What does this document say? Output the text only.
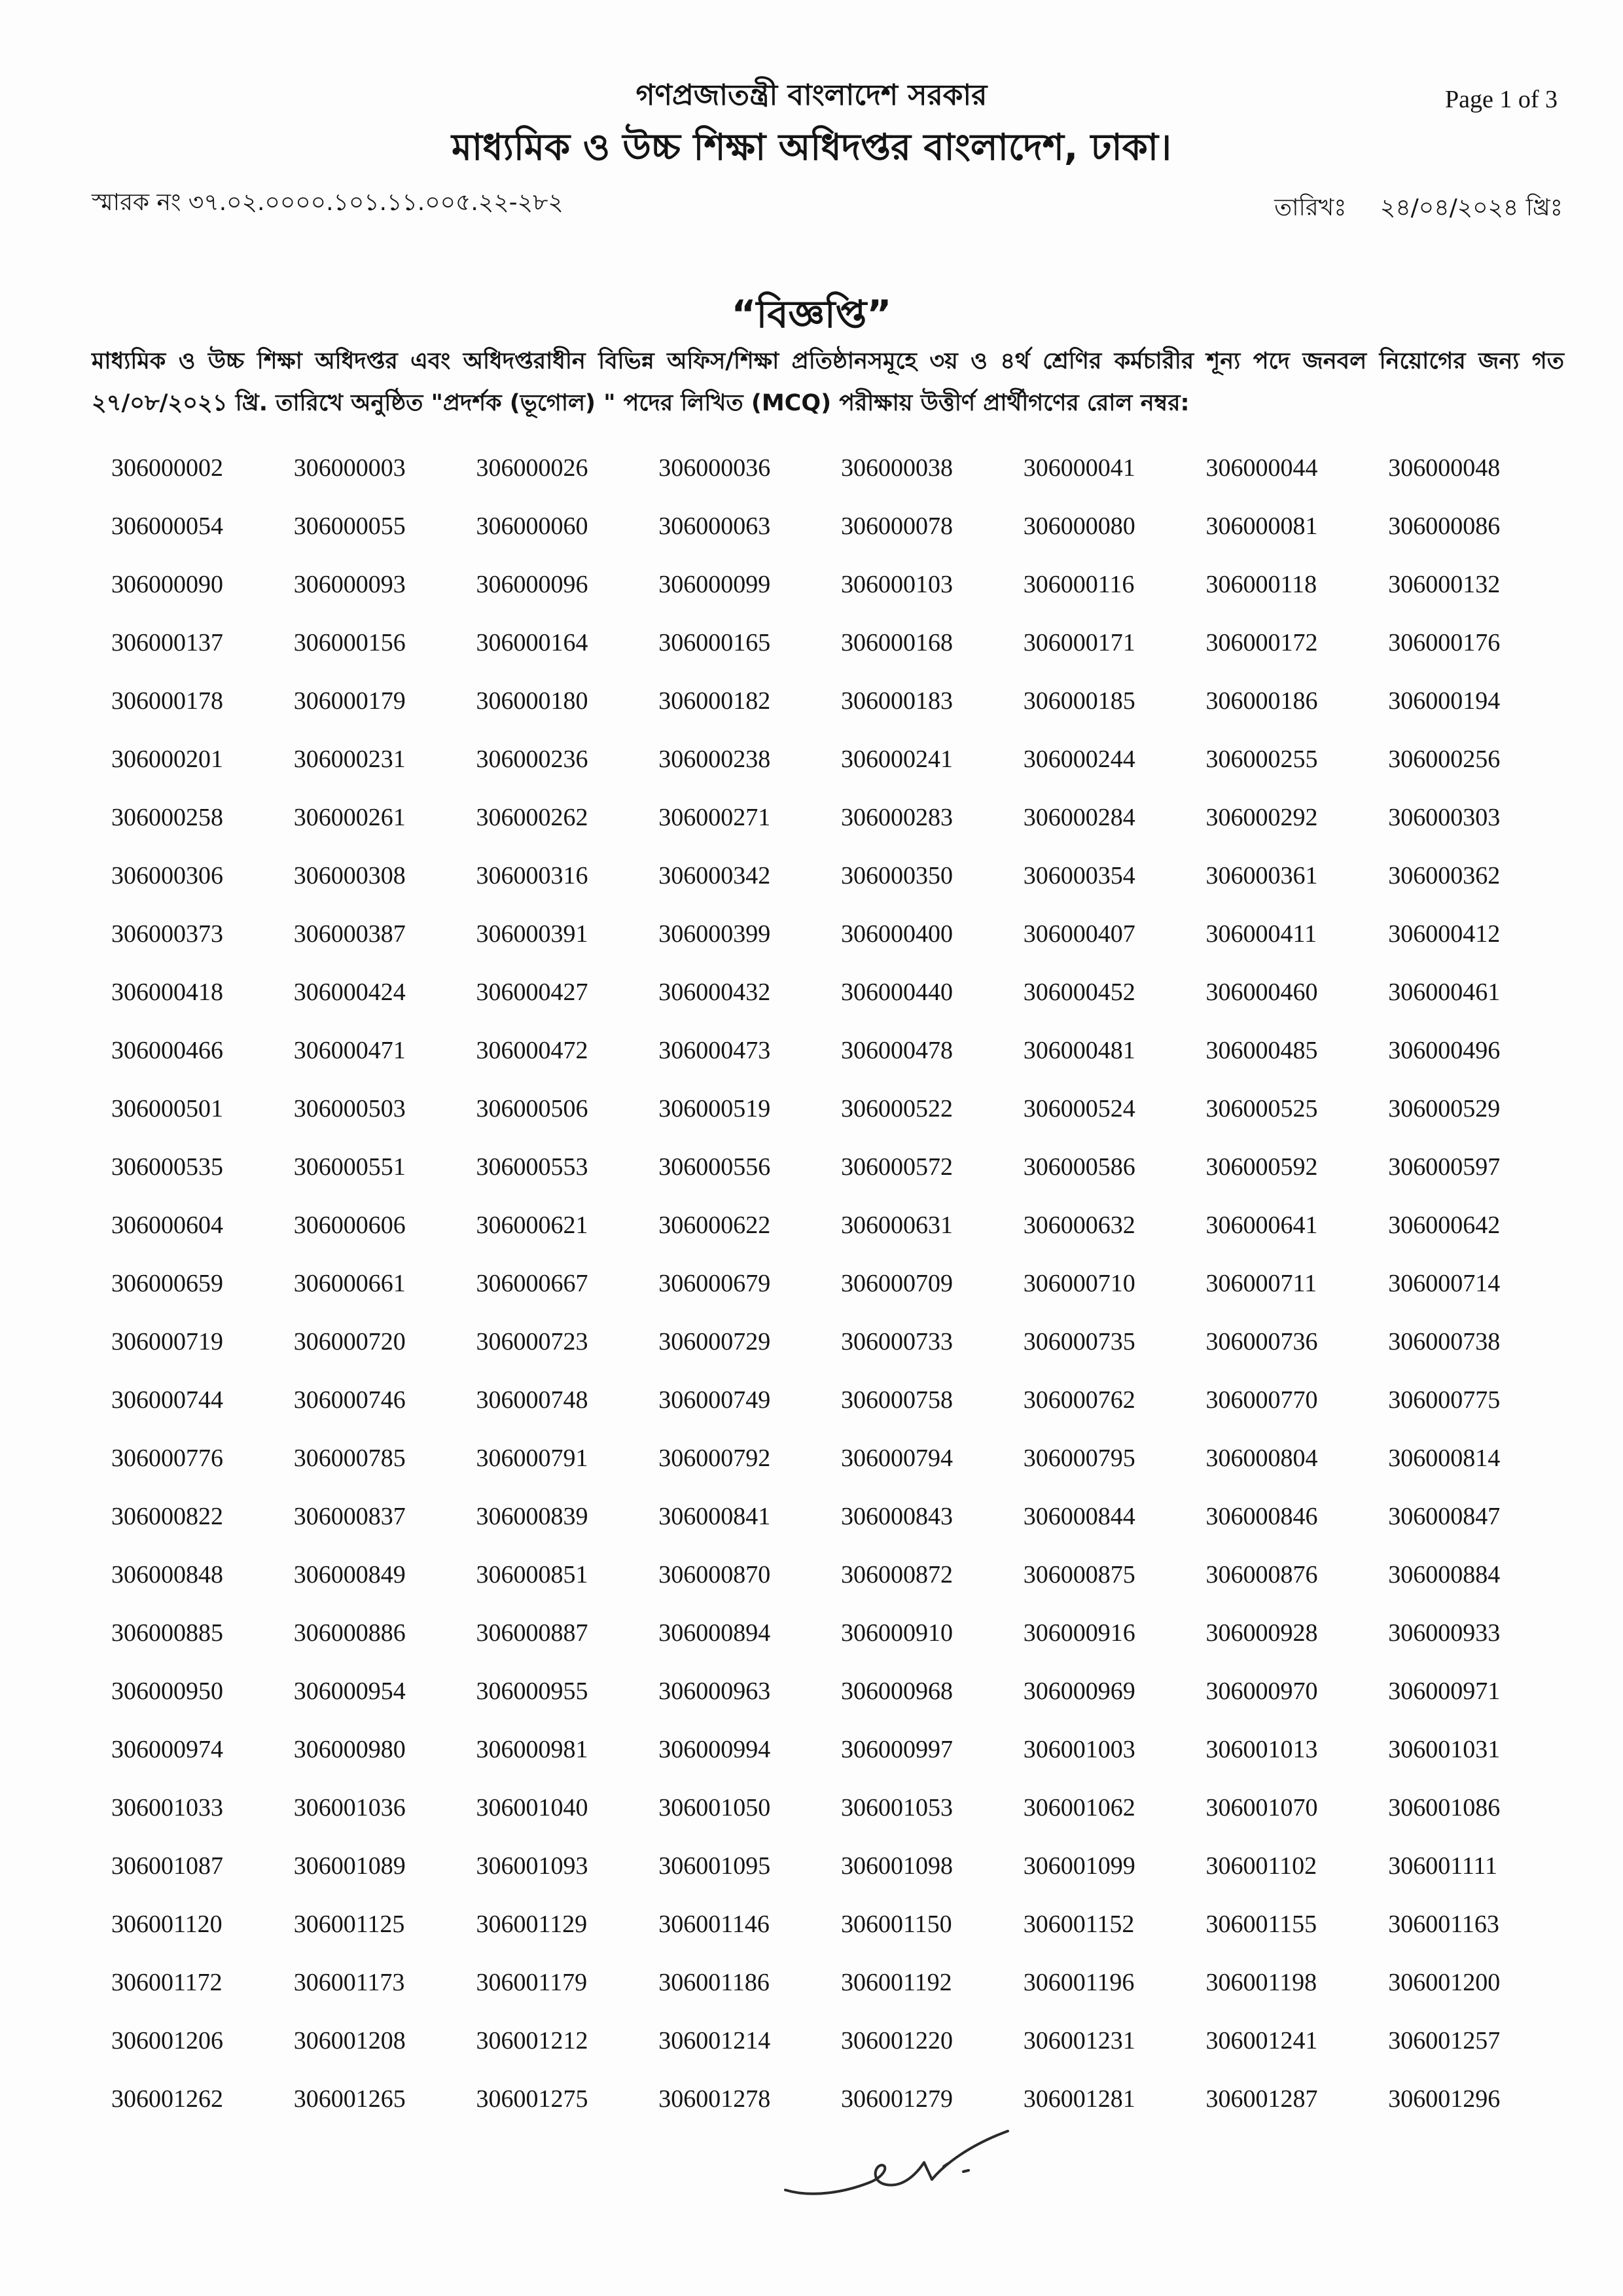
Page 1 of 3
গণপ্রজাতন্ত্রী বাংলাদেশ সরকার
মাধ্যমিক ও উচ্চ শিক্ষা অধিদপ্তর বাংলাদেশ, ঢাকা।
স্মারক নং ৩৭.০২.০০০০.১০১.১১.০০৫.২২-২৮২	তারিখঃ ২৪/০৪/২০২৪ খ্রিঃ
“বিজ্ঞপ্তি”

মাধ্যমিক ও উচ্চ শিক্ষা অধিদপ্তর এবং অধিদপ্তরাধীন বিভিন্ন অফিস/শিক্ষা প্রতিষ্ঠানসমূহে ৩য় ও ৪র্থ শ্রেণির কর্মচারীর শূন্য পদে জনবল নিয়োগের জন্য গত ২৭/০৮/২০২১ খ্রি. তারিখে অনুষ্ঠিত "প্রদর্শক (ভূগোল) " পদের লিখিত (MCQ) পরীক্ষায় উত্তীর্ণ প্রার্থীগণের রোল নম্বর:

306000002	306000003	306000026	306000036	306000038	306000041	306000044	306000048
306000054	306000055	306000060	306000063	306000078	306000080	306000081	306000086
306000090	306000093	306000096	306000099	306000103	306000116	306000118	306000132
306000137	306000156	306000164	306000165	306000168	306000171	306000172	306000176
306000178	306000179	306000180	306000182	306000183	306000185	306000186	306000194
306000201	306000231	306000236	306000238	306000241	306000244	306000255	306000256
306000258	306000261	306000262	306000271	306000283	306000284	306000292	306000303
306000306	306000308	306000316	306000342	306000350	306000354	306000361	306000362
306000373	306000387	306000391	306000399	306000400	306000407	306000411	306000412
306000418	306000424	306000427	306000432	306000440	306000452	306000460	306000461
306000466	306000471	306000472	306000473	306000478	306000481	306000485	306000496
306000501	306000503	306000506	306000519	306000522	306000524	306000525	306000529
306000535	306000551	306000553	306000556	306000572	306000586	306000592	306000597
306000604	306000606	306000621	306000622	306000631	306000632	306000641	306000642
306000659	306000661	306000667	306000679	306000709	306000710	306000711	306000714
306000719	306000720	306000723	306000729	306000733	306000735	306000736	306000738
306000744	306000746	306000748	306000749	306000758	306000762	306000770	306000775
306000776	306000785	306000791	306000792	306000794	306000795	306000804	306000814
306000822	306000837	306000839	306000841	306000843	306000844	306000846	306000847
306000848	306000849	306000851	306000870	306000872	306000875	306000876	306000884
306000885	306000886	306000887	306000894	306000910	306000916	306000928	306000933
306000950	306000954	306000955	306000963	306000968	306000969	306000970	306000971
306000974	306000980	306000981	306000994	306000997	306001003	306001013	306001031
306001033	306001036	306001040	306001050	306001053	306001062	306001070	306001086
306001087	306001089	306001093	306001095	306001098	306001099	306001102	306001111
306001120	306001125	306001129	306001146	306001150	306001152	306001155	306001163
306001172	306001173	306001179	306001186	306001192	306001196	306001198	306001200
306001206	306001208	306001212	306001214	306001220	306001231	306001241	306001257
306001262	306001265	306001275	306001278	306001279	306001281	306001287	306001296
